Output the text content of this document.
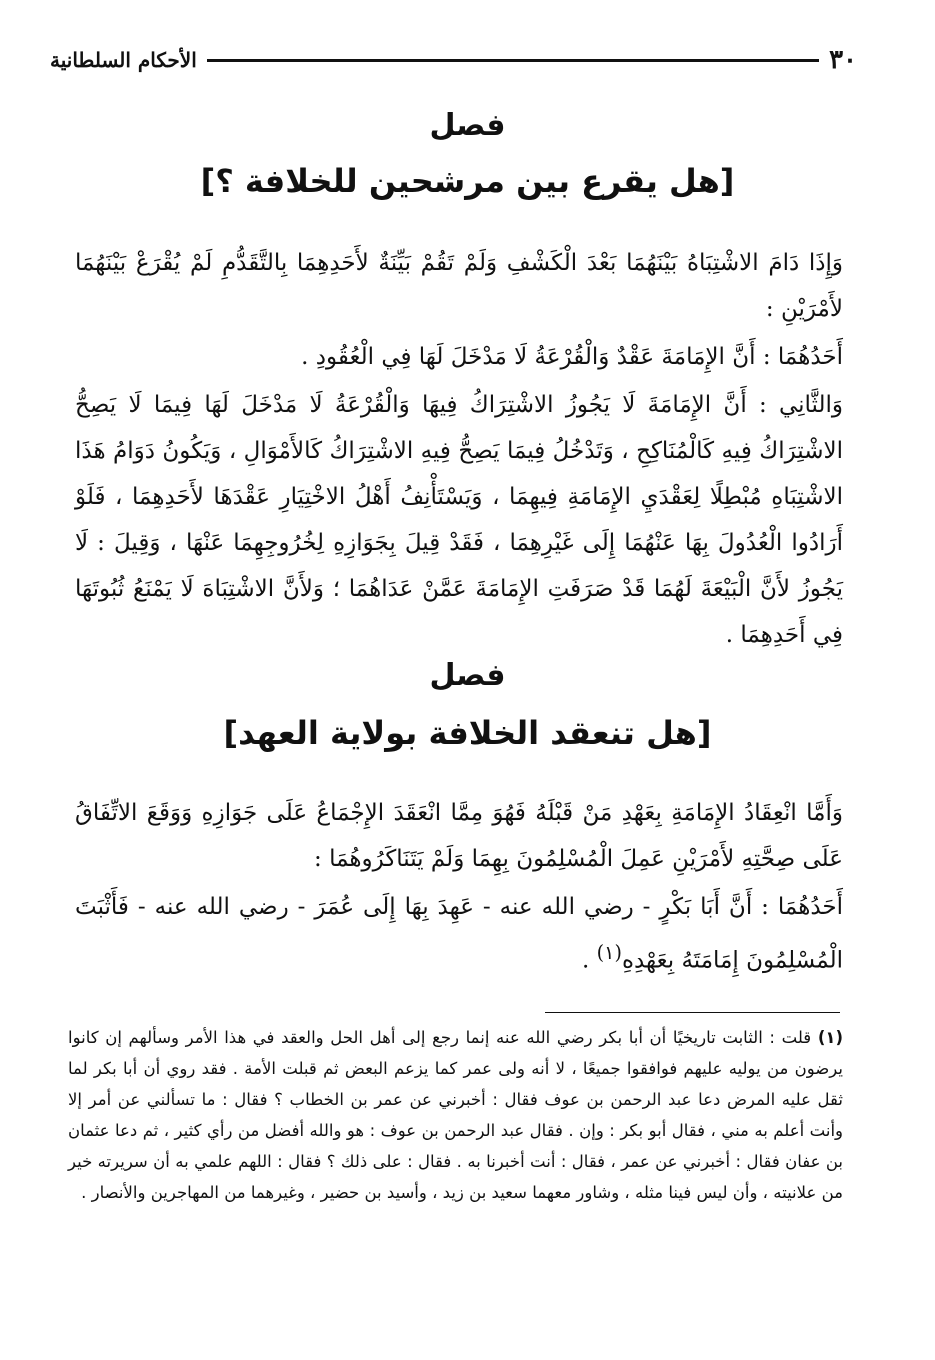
٣٠
الأحكام السلطانية
فصل
[هل يقرع بين مرشحين للخلافة ؟]

وَإِذَا دَامَ الاشْتِبَاهُ بَيْنَهُمَا بَعْدَ الْكَشْفِ وَلَمْ تَقُمْ بَيِّنَةٌ لأَحَدِهِمَا بِالتَّقَدُّمِ لَمْ يُقْرَعْ بَيْنَهُمَا لأَمْرَيْنِ :

أَحَدُهُمَا : أَنَّ الإِمَامَةَ عَقْدٌ وَالْقُرْعَةُ لَا مَدْخَلَ لَهَا فِي الْعُقُودِ .

وَالثَّانِي : أَنَّ الإِمَامَةَ لَا يَجُوزُ الاشْتِرَاكُ فِيهَا وَالْقُرْعَةُ لَا مَدْخَلَ لَهَا فِيمَا لَا يَصِحُّ الاشْتِرَاكُ فِيهِ كَالْمُنَاكِحِ ، وَتَدْخُلُ فِيمَا يَصِحُّ فِيهِ الاشْتِرَاكُ كَالأَمْوَالِ ، وَيَكُونُ دَوَامُ هَذَا الاشْتِبَاهِ مُبْطِلًا لِعَقْدَيِ الإِمَامَةِ فِيهِمَا ، وَيَسْتَأْنِفُ أَهْلُ الاخْتِيَارِ عَقْدَهَا لأَحَدِهِمَا ، فَلَوْ أَرَادُوا الْعُدُولَ بِهَا عَنْهُمَا إِلَى غَيْرِهِمَا ، فَقَدْ قِيلَ بِجَوَازِهِ لِخُرُوجِهِمَا عَنْهَا ، وَقِيلَ : لَا يَجُوزُ لأَنَّ الْبَيْعَةَ لَهُمَا قَدْ صَرَفَتِ الإِمَامَةَ عَمَّنْ عَدَاهُمَا ؛ وَلأَنَّ الاشْتِبَاهَ لَا يَمْنَعُ ثُبُوتَهَا فِي أَحَدِهِمَا .

فصل
[هل تنعقد الخلافة بولاية العهد]

وَأَمَّا انْعِقَادُ الإِمَامَةِ بِعَهْدِ مَنْ قَبْلَهُ فَهُوَ مِمَّا انْعَقَدَ الإِجْمَاعُ عَلَى جَوَازِهِ وَوَقَعَ الاتِّفَاقُ عَلَى صِحَّتِهِ لأَمْرَيْنِ عَمِلَ الْمُسْلِمُونَ بِهِمَا وَلَمْ يَتَنَاكَرُوهُمَا :

أَحَدُهُمَا : أَنَّ أَبَا بَكْرٍ - رضي الله عنه - عَهِدَ بِهَا إِلَى عُمَرَ - رضي الله عنه - فَأَثْبَتَ الْمُسْلِمُونَ إِمَامَتَهُ بِعَهْدِهِ$^{(١)}$ .

(١) قلت : الثابت تاريخيًا أن أبا بكر رضي الله عنه إنما رجع إلى أهل الحل والعقد في هذا الأمر وسألهم إن كانوا يرضون من يوليه عليهم فوافقوا جميعًا ، لا أنه ولى عمر كما يزعم البعض ثم قبلت الأمة . فقد روي أن أبا بكر لما ثقل عليه المرض دعا عبد الرحمن بن عوف فقال : أخبرني عن عمر بن الخطاب ؟ فقال : ما تسألني عن أمر إلا وأنت أعلم به مني ، فقال أبو بكر : وإن . فقال عبد الرحمن بن عوف : هو والله أفضل من رأي كثير ، ثم دعا عثمان بن عفان فقال : أخبرني عن عمر ، فقال : أنت أخبرنا به . فقال : على ذلك ؟ فقال : اللهم علمي به أن سريرته خير من علانيته ، وأن ليس فينا مثله ، وشاور معهما سعيد بن زيد ، وأسيد بن حضير ، وغيرهما من المهاجرين والأنصار .
